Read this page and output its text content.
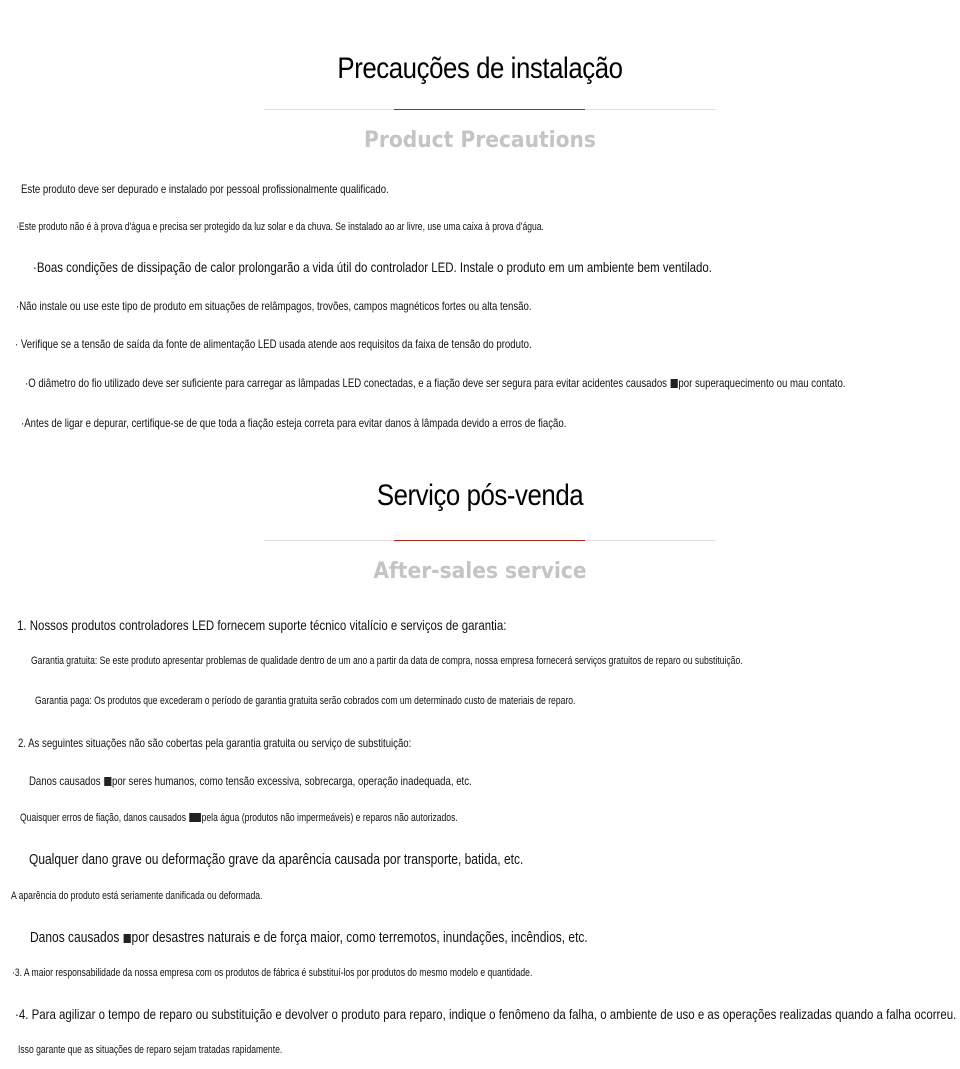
Precauções de instalação
Product Precautions
Este produto deve ser depurado e instalado por pessoal profissionalmente qualificado.
·Este produto não é à prova d'água e precisa ser protegido da luz solar e da chuva. Se instalado ao ar livre, use uma caixa à prova d'água.
·Boas condições de dissipação de calor prolongarão a vida útil do controlador LED. Instale o produto em um ambiente bem ventilado.
·Não instale ou use este tipo de produto em situações de relâmpagos, trovões, campos magnéticos fortes ou alta tensão.
· Verifique se a tensão de saída da fonte de alimentação LED usada atende aos requisitos da faixa de tensão do produto.
·O diâmetro do fio utilizado deve ser suficiente para carregar as lâmpadas LED conectadas, e a fiação deve ser segura para evitar acidentes causados por superaquecimento ou mau contato.
·Antes de ligar e depurar, certifique-se de que toda a fiação esteja correta para evitar danos à lâmpada devido a erros de fiação.
Serviço pós-venda
After-sales service
1. Nossos produtos controladores LED fornecem suporte técnico vitalício e serviços de garantia:
Garantia gratuita: Se este produto apresentar problemas de qualidade dentro de um ano a partir da data de compra, nossa empresa fornecerá serviços gratuitos de reparo ou substituição.
Garantia paga: Os produtos que excederam o período de garantia gratuita serão cobrados com um determinado custo de materiais de reparo.
2. As seguintes situações não são cobertas pela garantia gratuita ou serviço de substituição:
Danos causados por seres humanos, como tensão excessiva, sobrecarga, operação inadequada, etc.
Quaisquer erros de fiação, danos causados pela água (produtos não impermeáveis) e reparos não autorizados.
Qualquer dano grave ou deformação grave da aparência causada por transporte, batida, etc.
A aparência do produto está seriamente danificada ou deformada.
Danos causados por desastres naturais e de força maior, como terremotos, inundações, incêndios, etc.
·3. A maior responsabilidade da nossa empresa com os produtos de fábrica é substituí-los por produtos do mesmo modelo e quantidade.
·4. Para agilizar o tempo de reparo ou substituição e devolver o produto para reparo, indique o fenômeno da falha, o ambiente de uso e as operações realizadas quando a falha ocorreu.
Isso garante que as situações de reparo sejam tratadas rapidamente.
